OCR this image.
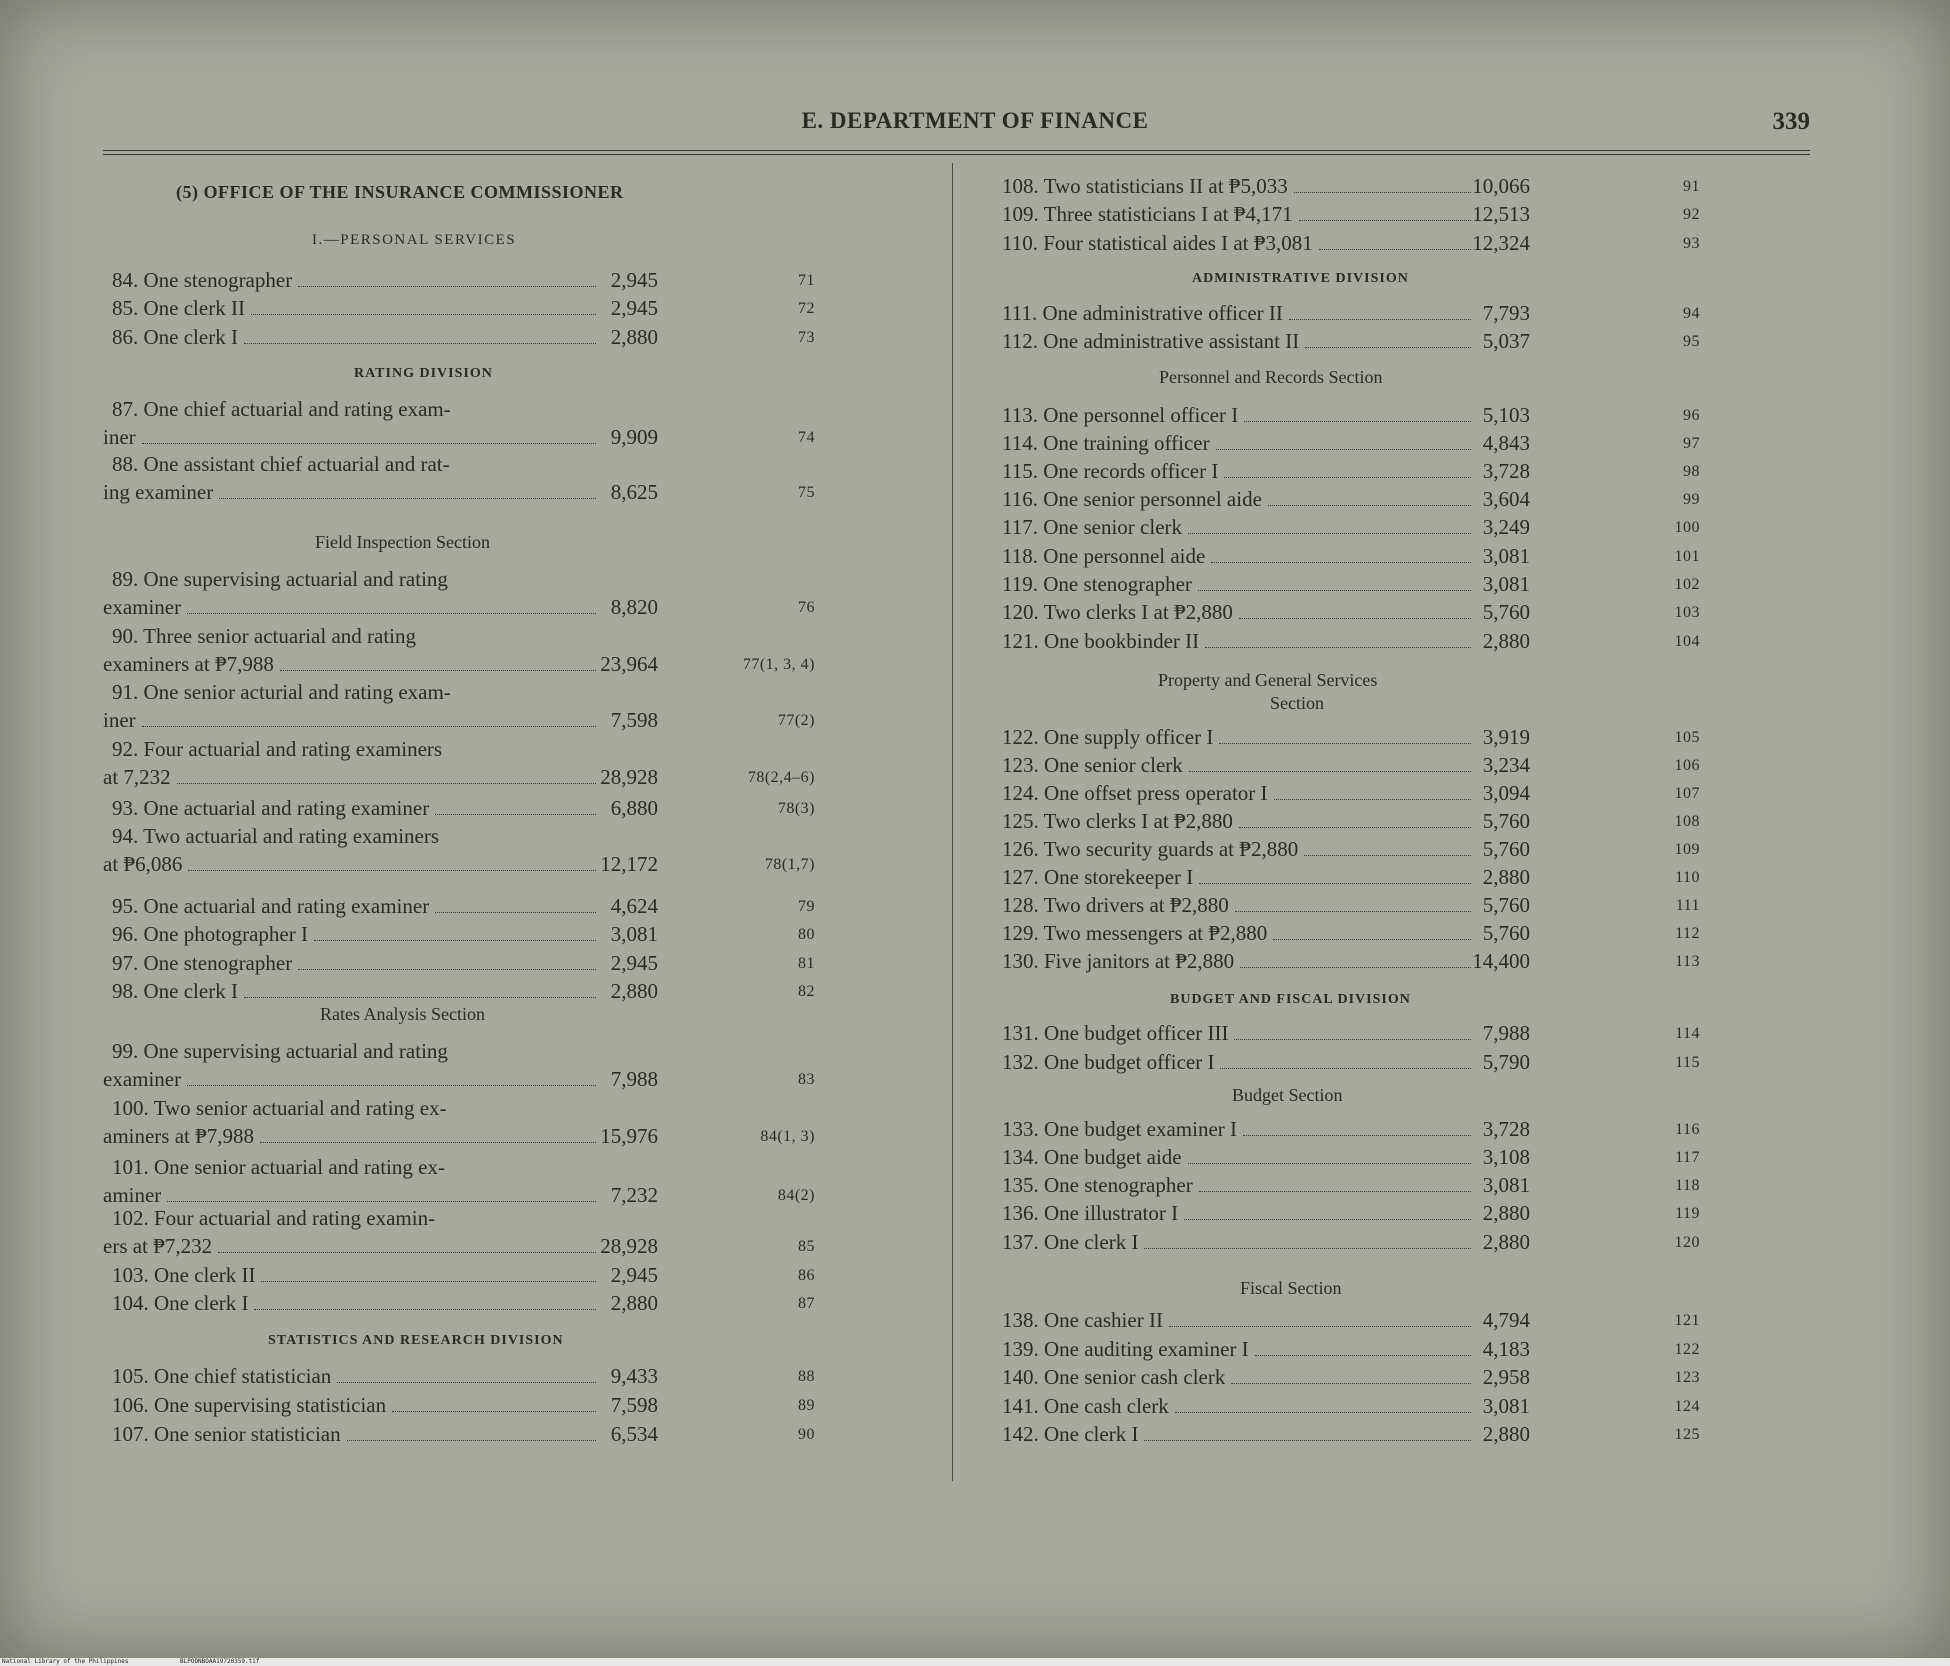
E. DEPARTMENT OF FINANCE	339
(5) OFFICE OF THE INSURANCE COMMISSIONER
I.—PERSONAL SERVICES
RATING DIVISION
Field Inspection Section
Rates Analysis Section
STATISTICS AND RESEARCH DIVISION
ADMINISTRATIVE DIVISION
Personnel and Records Section
Property and General Services
Section
BUDGET AND FISCAL DIVISION
Budget Section
Fiscal Section
84. One stenographer	2,945	71
85. One clerk II	2,945	72
86. One clerk I	2,880	73
87. One chief actuarial and rating exam-
iner	9,909	74
88. One assistant chief actuarial and rat-
ing examiner	8,625	75
89. One supervising actuarial and rating
examiner	8,820	76
90. Three senior actuarial and rating
examiners at ₱7,988	23,964	77(1, 3, 4)
91. One senior acturial and rating exam-
iner	7,598	77(2)
92. Four actuarial and rating examiners
at 7,232	28,928	78(2,4–6)
93. One actuarial and rating examiner	6,880	78(3)
94. Two actuarial and rating examiners
at ₱6,086	12,172	78(1,7)
95. One actuarial and rating examiner	4,624	79
96. One photographer I	3,081	80
97. One stenographer	2,945	81
98. One clerk I	2,880	82
99. One supervising actuarial and rating
examiner	7,988	83
100. Two senior actuarial and rating ex-
aminers at ₱7,988	15,976	84(1, 3)
101. One senior actuarial and rating ex-
aminer	7,232	84(2)
102. Four actuarial and rating examin-
ers at ₱7,232	28,928	85
103. One clerk II	2,945	86
104. One clerk I	2,880	87
105. One chief statistician	9,433	88
106. One supervising statistician	7,598	89
107. One senior statistician	6,534	90
108. Two statisticians II at ₱5,033	10,066	91
109. Three statisticians I at ₱4,171	12,513	92
110. Four statistical aides I at ₱3,081	12,324	93
111. One administrative officer II	7,793	94
112. One administrative assistant II	5,037	95
113. One personnel officer I	5,103	96
114. One training officer	4,843	97
115. One records officer I	3,728	98
116. One senior personnel aide	3,604	99
117. One senior clerk	3,249	100
118. One personnel aide	3,081	101
119. One stenographer	3,081	102
120. Two clerks I at ₱2,880	5,760	103
121. One bookbinder II	2,880	104
122. One supply officer I	3,919	105
123. One senior clerk	3,234	106
124. One offset press operator I	3,094	107
125. Two clerks I at ₱2,880	5,760	108
126. Two security guards at ₱2,880	5,760	109
127. One storekeeper I	2,880	110
128. Two drivers at ₱2,880	5,760	111
129. Two messengers at ₱2,880	5,760	112
130. Five janitors at ₱2,880	14,400	113
131. One budget officer III	7,988	114
132. One budget officer I	5,790	115
133. One budget examiner I	3,728	116
134. One budget aide	3,108	117
135. One stenographer	3,081	118
136. One illustrator I	2,880	119
137. One clerk I	2,880	120
138. One cashier II	4,794	121
139. One auditing examiner I	4,183	122
140. One senior cash clerk	2,958	123
141. One cash clerk	3,081	124
142. One clerk I	2,880	125
National Library of the Philippines	BLPODNBOAA19720359.tif
